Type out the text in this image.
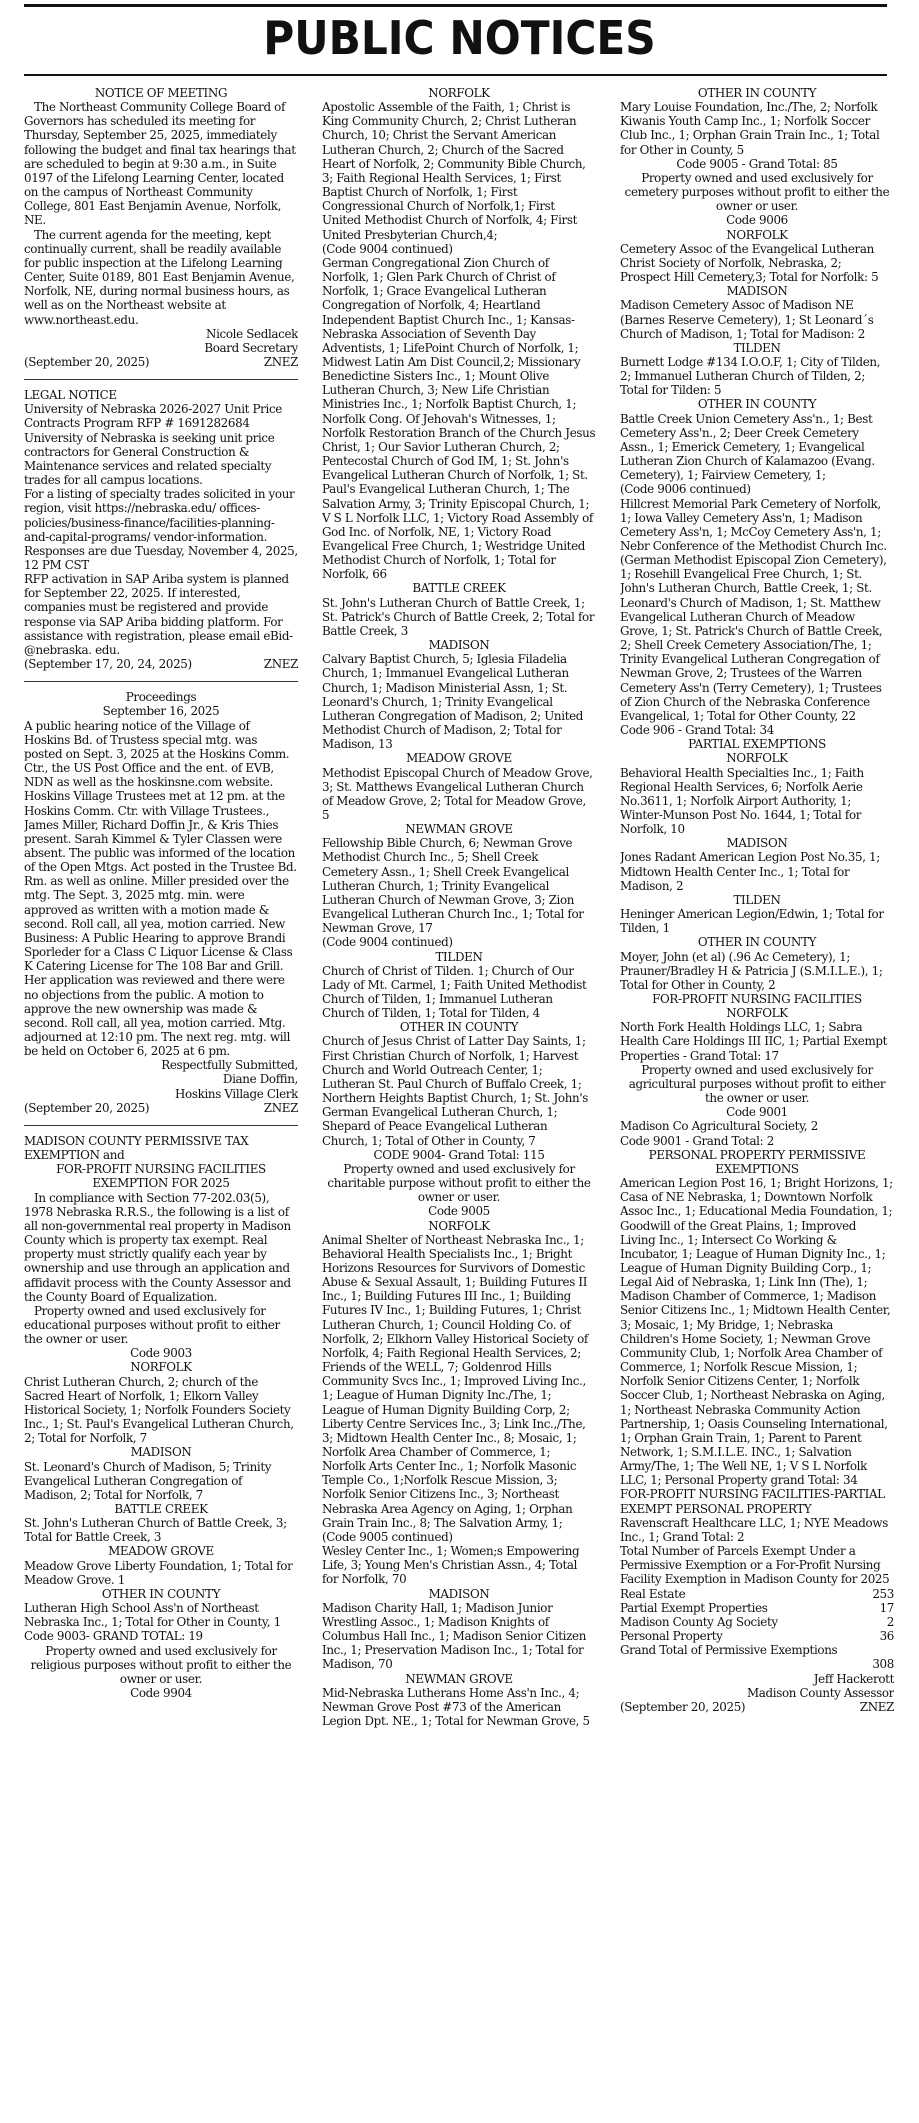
PUBLIC NOTICES

NOTICE OF MEETING

The Northeast Community College Board of Governors has scheduled its meeting for Thursday, September 25, 2025, immediately following the budget and final tax hearings that are scheduled to begin at 9:30 a.m., in Suite 0197 of the Lifelong Learning Center, located on the campus of Northeast Community College, 801 East Benjamin Avenue, Norfolk, NE.

The current agenda for the meeting, kept continually current, shall be readily available for public inspection at the Lifelong Learning Center, Suite 0189, 801 East Benjamin Avenue, Norfolk, NE, during normal business hours, as well as on the Northeast website at www.northeast.edu.

Nicole Sedlacek

Board Secretary

(September 20, 2025)	ZNEZ

LEGAL NOTICE

University of Nebraska 2026-2027 Unit Price Contracts Program RFP # 1691282684

University of Nebraska is seeking unit price contractors for General Construction & Maintenance services and related specialty trades for all campus locations.

For a listing of specialty trades solicited in your region, visit https://nebraska.edu/ offices-policies/business-finance/facilities-planning-and-capital-programs/ vendor-information.

Responses are due Tuesday, November 4, 2025, 12 PM CST

RFP activation in SAP Ariba system is planned for September 22, 2025. If interested, companies must be registered and provide response via SAP Ariba bidding platform. For assistance with registration, please email eBid-@nebraska. edu.

(September 17, 20, 24, 2025)	ZNEZ

Proceedings

September 16, 2025

A public hearing notice of the Village of Hoskins Bd. of Trustess special mtg. was posted on Sept. 3, 2025 at the Hoskins Comm. Ctr., the US Post Office and the ent. of EVB, NDN as well as the hoskinsne.com website. Hoskins Village Trustees met at 12 pm. at the Hoskins Comm. Ctr. with Village Trustees., James Miller, Richard Doffin Jr., & Kris Thies present. Sarah Kimmel & Tyler Classen were absent. The public was informed of the location of the Open Mtgs. Act posted in the Trustee Bd. Rm. as well as online. Miller presided over the mtg. The Sept. 3, 2025 mtg. min. were approved as written with a motion made & second. Roll call, all yea, motion carried. New Business: A Public Hearing to approve Brandi Sporleder for a Class C Liquor License & Class K Catering License for The 108 Bar and Grill. Her application was reviewed and there were no objections from the public. A motion to approve the new ownership was made & second. Roll call, all yea, motion carried. Mtg. adjourned at 12:10 pm. The next reg. mtg. will be held on October 6, 2025 at 6 pm.

Respectfully Submitted,

Diane Doffin,

Hoskins Village Clerk

(September 20, 2025)	ZNEZ

MADISON COUNTY PERMISSIVE TAX EXEMPTION and

FOR-PROFIT NURSING FACILITIES EXEMPTION FOR 2025

In compliance with Section 77-202.03(5), 1978 Nebraska R.R.S., the following is a list of all non-governmental real property in Madison County which is property tax exempt. Real property must strictly qualify each year by ownership and use through an application and affidavit process with the County Assessor and the County Board of Equalization.

Property owned and used exclusively for educational purposes without profit to either the owner or user.

Code 9003

NORFOLK

Christ Lutheran Church, 2; church of the Sacred Heart of Norfolk, 1; Elkorn Valley Historical Society, 1; Norfolk Founders Society Inc., 1; St. Paul's Evangelical Lutheran Church, 2; Total for Norfolk, 7

MADISON

St. Leonard's Church of Madison, 5; Trinity Evangelical Lutheran Congregation of Madison, 2; Total for Norfolk, 7

BATTLE CREEK

St. John's Lutheran Church of Battle Creek, 3; Total for Battle Creek, 3

MEADOW GROVE

Meadow Grove Liberty Foundation, 1; Total for Meadow Grove. 1

OTHER IN COUNTY

Lutheran High School Ass'n of Northeast Nebraska Inc., 1; Total for Other in County, 1

Code 9003- GRAND TOTAL: 19

Property owned and used exclusively for religious purposes without profit to either the owner or user.

Code 9904

NORFOLK

Apostolic Assemble of the Faith, 1; Christ is King Community Church, 2; Christ Lutheran Church, 10; Christ the Servant American Lutheran Church, 2; Church of the Sacred Heart of Norfolk, 2; Community Bible Church, 3; Faith Regional Health Services, 1; First Baptist Church of Norfolk, 1; First Congressional Church of Norfolk,1; First United Methodist Church of Norfolk, 4; First United Presbyterian Church,4;

(Code 9004 continued)

German Congregational Zion Church of Norfolk, 1; Glen Park Church of Christ of Norfolk, 1; Grace Evangelical Lutheran Congregation of Norfolk, 4; Heartland Independent Baptist Church Inc., 1; Kansas-Nebraska Association of Seventh Day Adventists, 1; LifePoint Church of Norfolk, 1; Midwest Latin Am Dist Council,2; Missionary Benedictine Sisters Inc., 1; Mount Olive Lutheran Church, 3; New Life Christian Ministries Inc., 1; Norfolk Baptist Church, 1; Norfolk Cong. Of Jehovah's Witnesses, 1; Norfolk Restoration Branch of the Church Jesus Christ, 1; Our Savior Lutheran Church, 2; Pentecostal Church of God IM, 1; St. John's Evangelical Lutheran Church of Norfolk, 1; St. Paul's Evangelical Lutheran Church, 1; The Salvation Army, 3; Trinity Episcopal Church, 1; V S L Norfolk LLC, 1; Victory Road Assembly of God Inc. of Norfolk, NE, 1; Victory Road Evangelical Free Church, 1; Westridge United Methodist Church of Norfolk, 1; Total for Norfolk, 66

BATTLE CREEK

St. John's Lutheran Church of Battle Creek, 1; St. Patrick's Church of Battle Creek, 2; Total for Battle Creek, 3

MADISON

Calvary Baptist Church, 5; Iglesia Filadelia Church, 1; Immanuel Evangelical Lutheran Church, 1; Madison Ministerial Assn, 1; St. Leonard's Church, 1; Trinity Evangelical Lutheran Congregation of Madison, 2; United Methodist Church of Madison, 2; Total for Madison, 13

MEADOW GROVE

Methodist Episcopal Church of Meadow Grove, 3; St. Matthews Evangelical Lutheran Church of Meadow Grove, 2; Total for Meadow Grove, 5

NEWMAN GROVE

Fellowship Bible Church, 6; Newman Grove Methodist Church Inc., 5; Shell Creek Cemetery Assn., 1; Shell Creek Evangelical Lutheran Church, 1; Trinity Evangelical Lutheran Church of Newman Grove, 3; Zion Evangelical Lutheran Church Inc., 1; Total for Newman Grove, 17

(Code 9004 continued)

TILDEN

Church of Christ of Tilden. 1; Church of Our Lady of Mt. Carmel, 1; Faith United Methodist Church of Tilden, 1; Immanuel Lutheran Church of Tilden, 1; Total for Tilden, 4

OTHER IN COUNTY

Church of Jesus Christ of Latter Day Saints, 1; First Christian Church of Norfolk, 1; Harvest Church and World Outreach Center, 1; Lutheran St. Paul Church of Buffalo Creek, 1; Northern Heights Baptist Church, 1; St. John's German Evangelical Lutheran Church, 1; Shepard of Peace Evangelical Lutheran Church, 1; Total of Other in County, 7

CODE 9004- Grand Total: 115

Property owned and used exclusively for charitable purpose without profit to either the owner or user.

Code 9005

NORFOLK

Animal Shelter of Northeast Nebraska Inc., 1; Behavioral Health Specialists Inc., 1; Bright Horizons Resources for Survivors of Domestic Abuse & Sexual Assault, 1; Building Futures II Inc., 1; Building Futures III Inc., 1; Building Futures IV Inc., 1; Building Futures, 1; Christ Lutheran Church, 1; Council Holding Co. of Norfolk, 2; Elkhorn Valley Historical Society of Norfolk, 4; Faith Regional Health Services, 2; Friends of the WELL, 7; Goldenrod Hills Community Svcs Inc., 1; Improved Living Inc., 1; League of Human Dignity Inc./The, 1; League of Human Dignity Building Corp, 2; Liberty Centre Services Inc., 3; Link Inc.,/The, 3; Midtown Health Center Inc., 8; Mosaic, 1; Norfolk Area Chamber of Commerce, 1; Norfolk Arts Center Inc., 1; Norfolk Masonic Temple Co., 1;Norfolk Rescue Mission, 3; Norfolk Senior Citizens Inc., 3; Northeast Nebraska Area Agency on Aging, 1; Orphan Grain Train Inc., 8; The Salvation Army, 1;

(Code 9005 continued)

Wesley Center Inc., 1; Women;s Empowering Life, 3; Young Men's Christian Assn., 4; Total for Norfolk, 70

MADISON

Madison Charity Hall, 1; Madison Junior Wrestling Assoc., 1; Madison Knights of Columbus Hall Inc., 1; Madison Senior Citizen Inc., 1; Preservation Madison Inc., 1; Total for Madison, 70

NEWMAN GROVE

Mid-Nebraska Lutherans Home Ass'n Inc., 4; Newman Grove Post #73 of the American Legion Dpt. NE., 1; Total for Newman Grove, 5

OTHER IN COUNTY

Mary Louise Foundation, Inc./The, 2; Norfolk Kiwanis Youth Camp Inc., 1; Norfolk Soccer Club Inc., 1; Orphan Grain Train Inc., 1; Total for Other in County, 5

Code 9005 - Grand Total: 85

Property owned and used exclusively for cemetery purposes without profit to either the owner or user.

Code 9006

NORFOLK

Cemetery Assoc of the Evangelical Lutheran Christ Society of Norfolk, Nebraska, 2; Prospect Hill Cemetery,3; Total for Norfolk: 5

MADISON

Madison Cemetery Assoc of Madison NE (Barnes Reserve Cemetery), 1; St Leonard´s Church of Madison, 1; Total for Madison: 2

TILDEN

Burnett Lodge #134 I.O.O.F, 1; City of Tilden, 2; Immanuel Lutheran Church of Tilden, 2; Total for Tilden: 5

OTHER IN COUNTY

Battle Creek Union Cemetery Ass'n., 1; Best Cemetery Ass'n., 2; Deer Creek Cemetery Assn., 1; Emerick Cemetery, 1; Evangelical Lutheran Zion Church of Kalamazoo (Evang. Cemetery), 1; Fairview Cemetery, 1;

(Code 9006 continued)

Hillcrest Memorial Park Cemetery of Norfolk, 1; Iowa Valley Cemetery Ass'n, 1; Madison Cemetery Ass'n, 1; McCoy Cemetery Ass'n, 1; Nebr Conference of the Methodist Church Inc. (German Methodist Episcopal Zion Cemetery), 1; Rosehill Evangelical Free Church, 1; St. John's Lutheran Church, Battle Creek, 1; St. Leonard's Church of Madison, 1; St. Matthew Evangelical Lutheran Church of Meadow Grove, 1; St. Patrick's Church of Battle Creek, 2; Shell Creek Cemetery Association/The, 1; Trinity Evangelical Lutheran Congregation of Newman Grove, 2; Trustees of the Warren Cemetery Ass'n (Terry Cemetery), 1; Trustees of Zion Church of the Nebraska Conference Evangelical, 1; Total for Other County, 22

Code 906 - Grand Total: 34

PARTIAL EXEMPTIONS

NORFOLK

Behavioral Health Specialties Inc., 1; Faith Regional Health Services, 6; Norfolk Aerie No.3611, 1; Norfolk Airport Authority, 1; Winter-Munson Post No. 1644, 1; Total for Norfolk, 10

MADISON

Jones Radant American Legion Post No.35, 1; Midtown Health Center Inc., 1; Total for Madison, 2

TILDEN

Heninger American Legion/Edwin, 1; Total for Tilden, 1

OTHER IN COUNTY

Moyer, John (et al) (.96 Ac Cemetery), 1; Prauner/Bradley H & Patricia J (S.M.I.L.E.), 1; Total for Other in County, 2

FOR-PROFIT NURSING FACILITIES

NORFOLK

North Fork Health Holdings LLC, 1; Sabra Health Care Holdings III IIC, 1; Partial Exempt Properties - Grand Total: 17

Property owned and used exclusively for agricultural purposes without profit to either the owner or user.

Code 9001

Madison Co Agricultural Society, 2

Code 9001 - Grand Total: 2

PERSONAL PROPERTY PERMISSIVE EXEMPTIONS

American Legion Post 16, 1; Bright Horizons, 1; Casa of NE Nebraska, 1; Downtown Norfolk Assoc Inc., 1; Educational Media Foundation, 1; Goodwill of the Great Plains, 1; Improved Living Inc., 1; Intersect Co Working & Incubator, 1; League of Human Dignity Inc., 1; League of Human Dignity Building Corp., 1; Legal Aid of Nebraska, 1; Link Inn (The), 1; Madison Chamber of Commerce, 1; Madison Senior Citizens Inc., 1; Midtown Health Center, 3; Mosaic, 1; My Bridge, 1; Nebraska Children's Home Society, 1; Newman Grove Community Club, 1; Norfolk Area Chamber of Commerce, 1; Norfolk Rescue Mission, 1; Norfolk Senior Citizens Center, 1; Norfolk Soccer Club, 1; Northeast Nebraska on Aging, 1; Northeast Nebraska Community Action Partnership, 1; Oasis Counseling International, 1; Orphan Grain Train, 1; Parent to Parent Network, 1; S.M.I.L.E. INC., 1; Salvation Army/The, 1; The Well NE, 1; V S L Norfolk LLC, 1; Personal Property grand Total: 34

FOR-PROFIT NURSING FACILITIES-PARTIAL EXEMPT PERSONAL PROPERTY

Ravenscraft Healthcare LLC, 1; NYE Meadows Inc., 1; Grand Total: 2

Total Number of Parcels Exempt Under a Permissive Exemption or a For-Profit Nursing Facility Exemption in Madison County for 2025

Real Estate	253
Partial Exempt Properties	17
Madison County Ag Society	2
Personal Property	36

Grand Total of Permissive Exemptions

308

Jeff Hackerott

Madison County Assessor

(September 20, 2025)	ZNEZ
